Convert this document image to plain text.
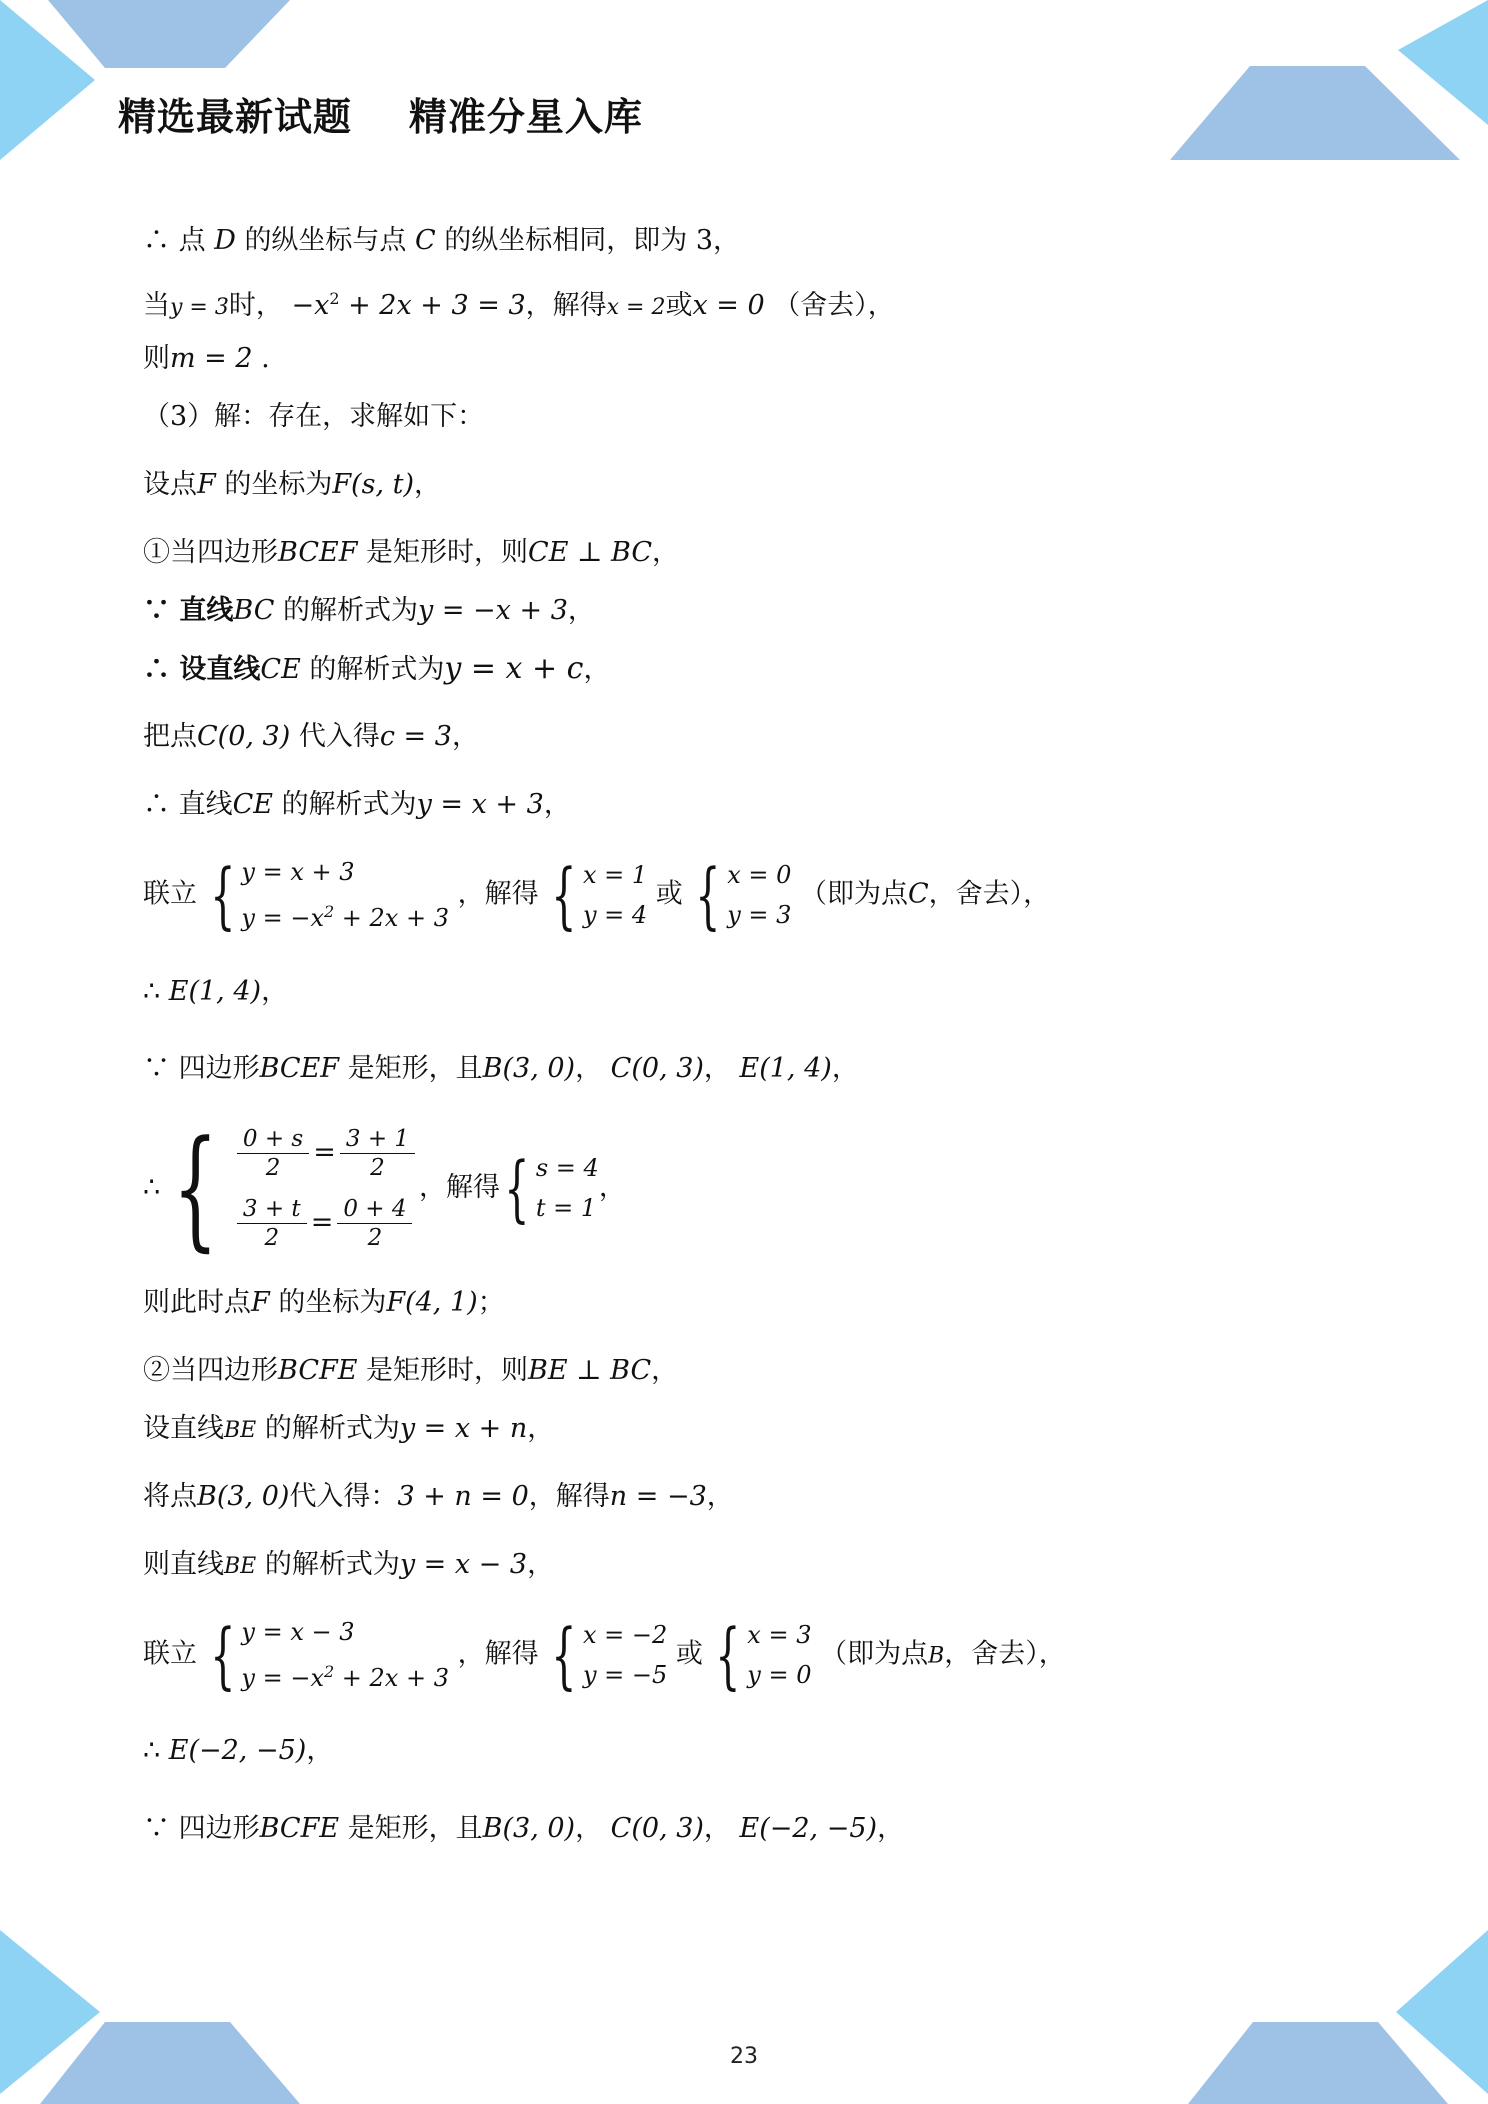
精选最新试题    精准分星入库
∴ 点 D 的纵坐标与点 C 的纵坐标相同，即为 3，
当y = 3时， $-x^2 + 2x + 3 = 3$，解得x = 2或x = 0 （舍去），
则m = 2 .
（3）解：存在，求解如下：
设点F 的坐标为F(s, t)，
①当四边形BCEF 是矩形时，则CE ⊥ BC，
∵ 直线BC 的解析式为y = −x + 3，
∴ 设直线CE 的解析式为y = x + c，
把点C(0, 3) 代入得c = 3，
∴ 直线CE 的解析式为y = x + 3，
联立 { y = x + 3
$y = -x^2 + 2x + 3$
，解得 { x = 1
y = 4
或 { x = 0
y = 3
（即为点C，舍去），
∴ E(1, 4)，
∵ 四边形BCEF 是矩形，且B(3, 0)， C(0, 3)， E(1, 4)，
∴ { $\frac{0 + s}{2} = \frac{3 + 1}{2}$
$\frac{3 + t}{2} = \frac{0 + 4}{2}$
，解得 { s = 4
t = 1
，
则此时点F 的坐标为F(4, 1)；
②当四边形BCFE 是矩形时，则BE ⊥ BC，
设直线BE 的解析式为y = x + n，
将点B(3, 0)代入得：3 + n = 0，解得n = −3，
则直线BE 的解析式为y = x − 3，
联立 { y = x − 3
$y = -x^2 + 2x + 3$
，解得 { x = −2
y = −5
或 { x = 3
y = 0
（即为点B，舍去），
∴ E(−2, −5)，
∵ 四边形BCFE 是矩形，且B(3, 0)， C(0, 3)， E(−2, −5)，
23
